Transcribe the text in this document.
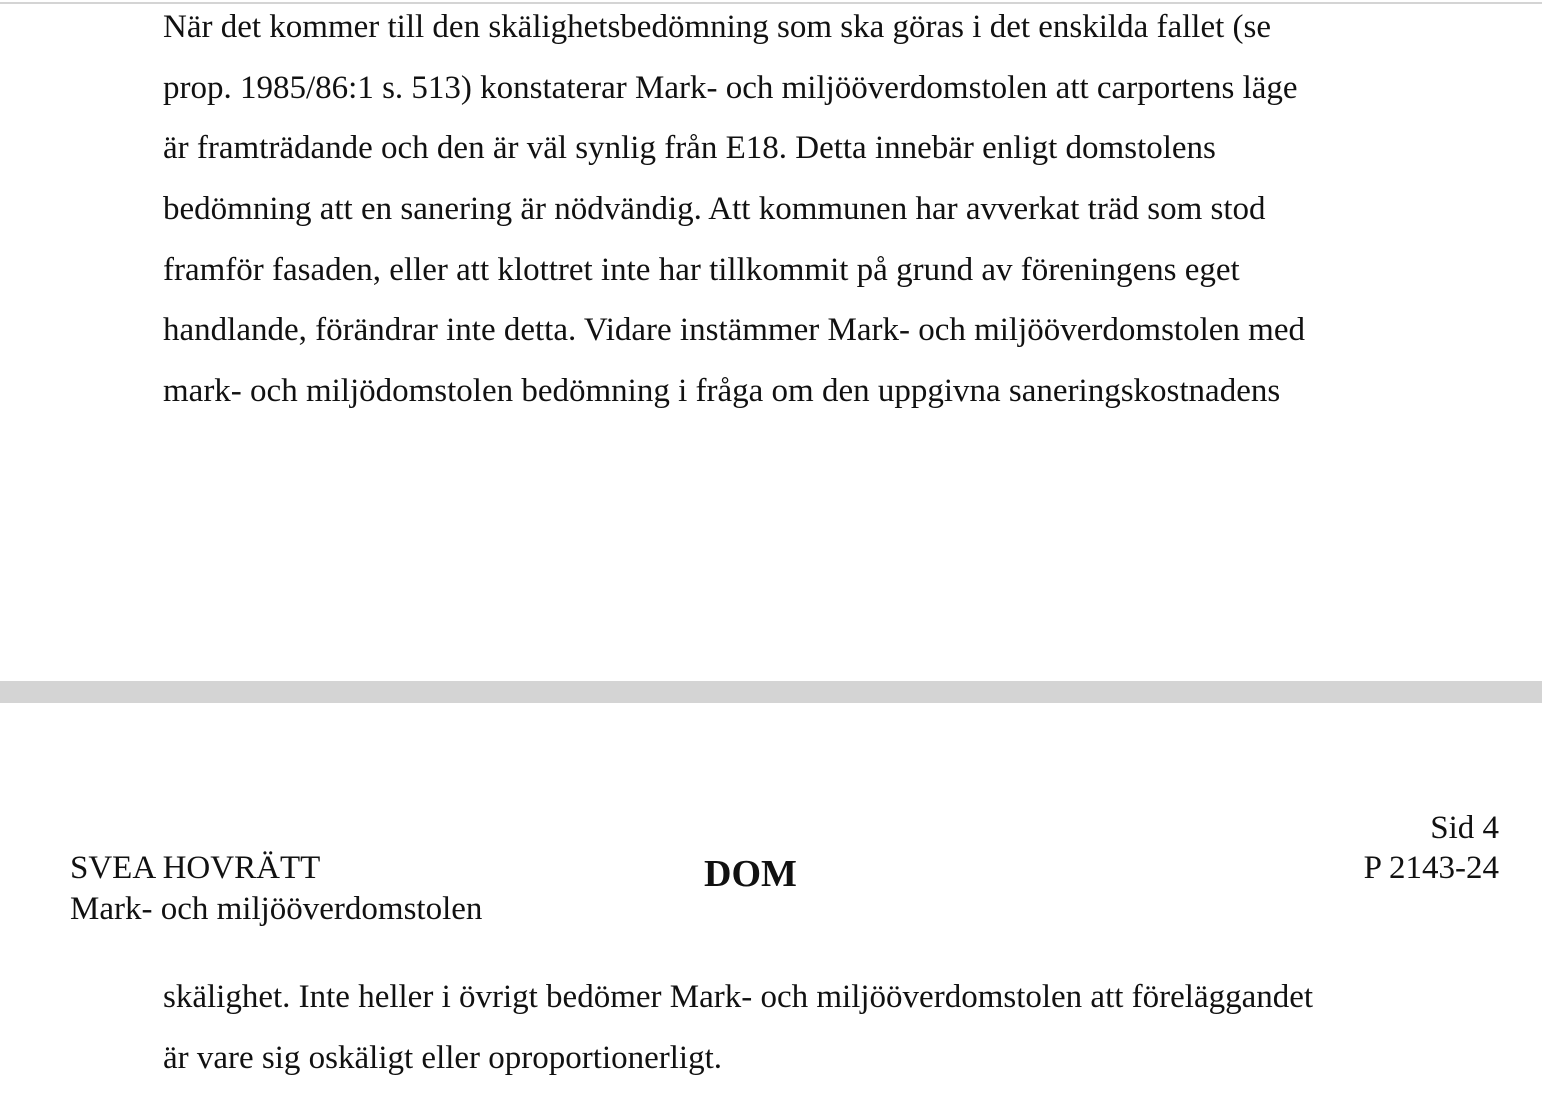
När det kommer till den skälighetsbedömning som ska göras i det enskilda fallet (se
prop. 1985/86:1 s. 513) konstaterar Mark- och miljööverdomstolen att carportens läge
är framträdande och den är väl synlig från E18. Detta innebär enligt domstolens
bedömning att en sanering är nödvändig. Att kommunen har avverkat träd som stod
framför fasaden, eller att klottret inte har tillkommit på grund av föreningens eget
handlande, förändrar inte detta. Vidare instämmer Mark- och miljööverdomstolen med
mark- och miljödomstolen bedömning i fråga om den uppgivna saneringskostnadens
Sid 4
SVEA HOVRÄTT	DOM	P 2143-24
Mark- och miljööverdomstolen
skälighet. Inte heller i övrigt bedömer Mark- och miljööverdomstolen att föreläggandet
är vare sig oskäligt eller oproportionerligt.
